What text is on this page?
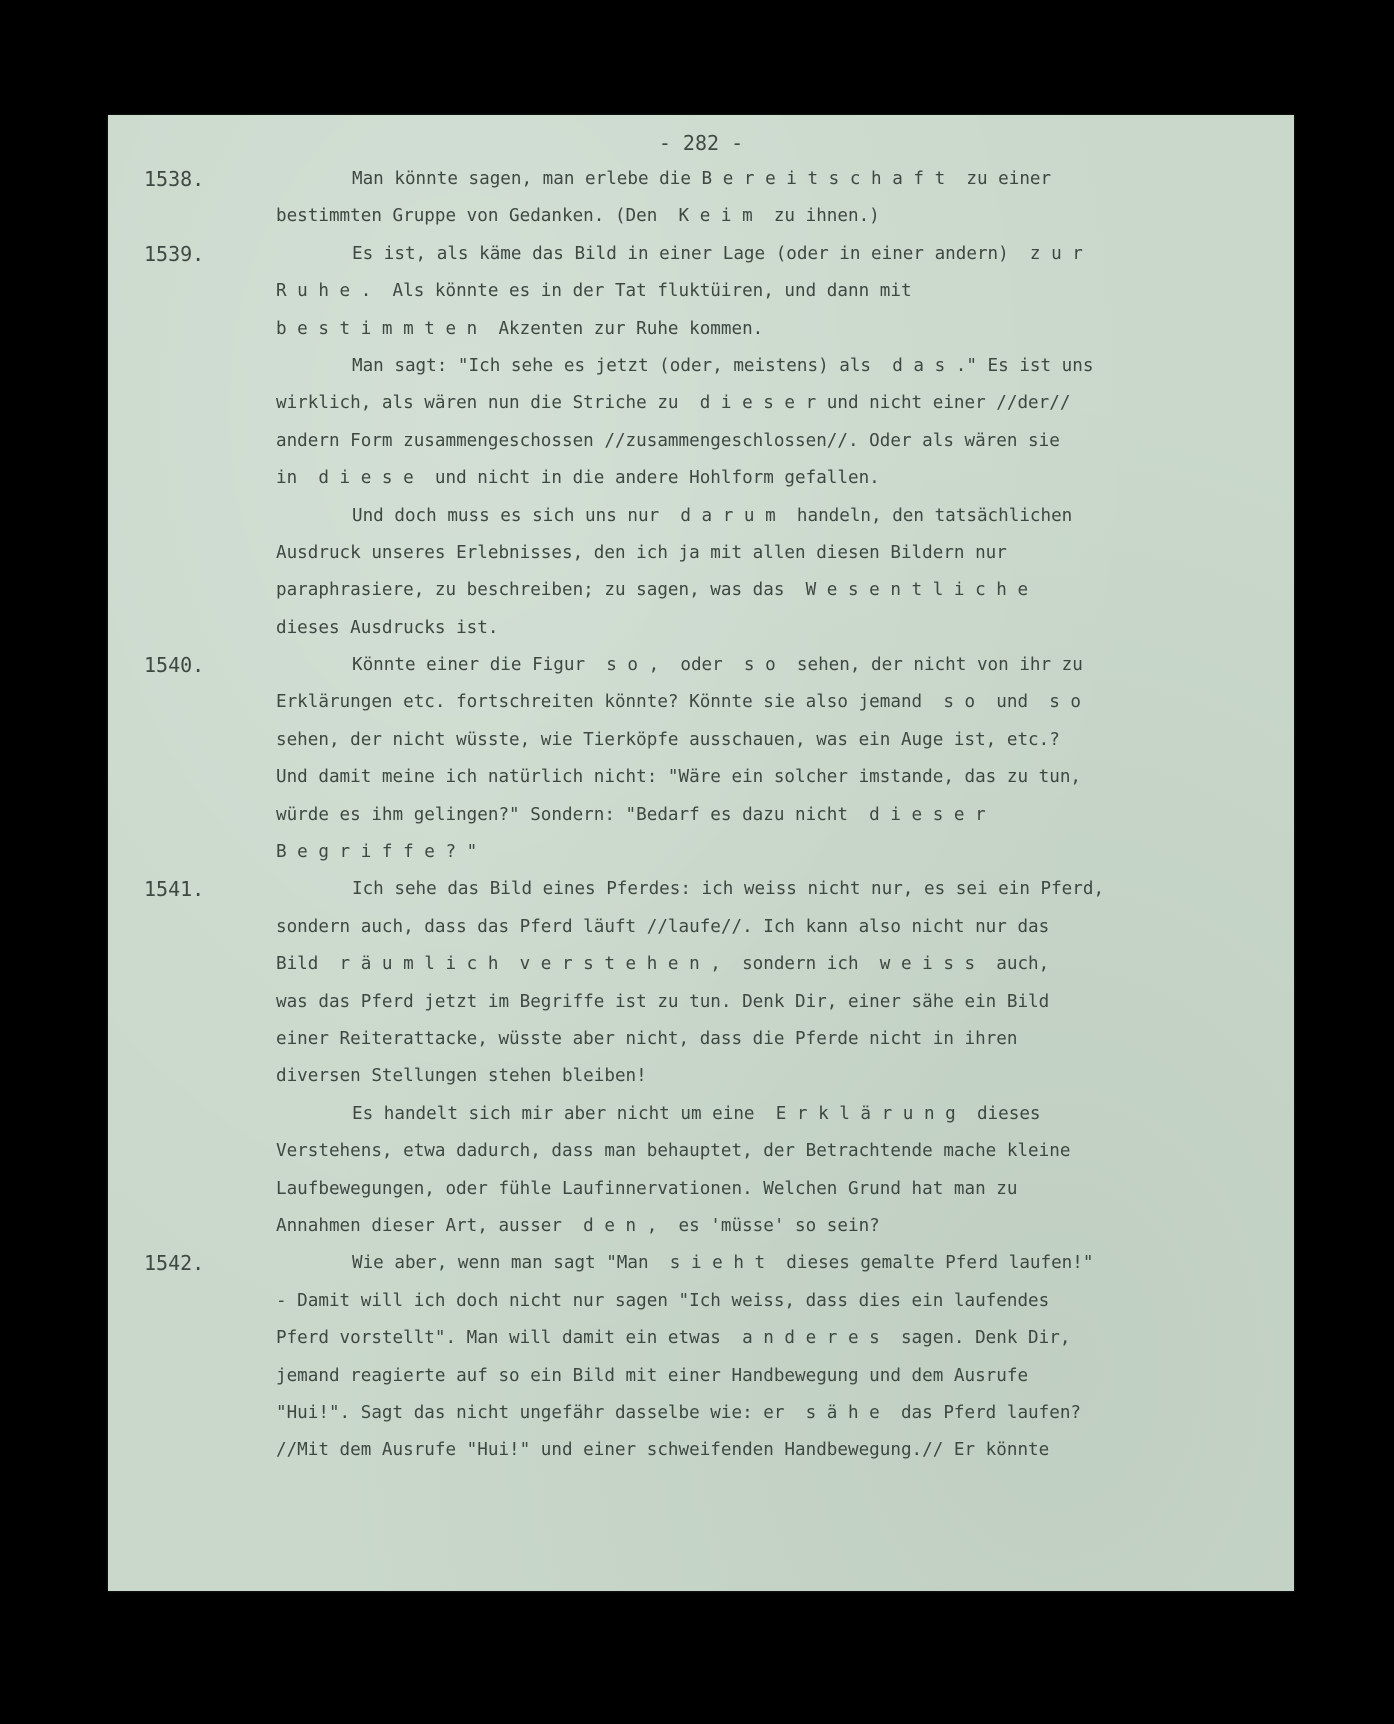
- 282 -
1538.	Man könnte sagen, man erlebe die B e r e i t s c h a f t  zu einer
bestimmten Gruppe von Gedanken. (Den  K e i m  zu ihnen.)
1539.	Es ist, als käme das Bild in einer Lage (oder in einer andern)  z u r
R u h e .  Als könnte es in der Tat fluktüiren, und dann mit
b e s t i m m t e n  Akzenten zur Ruhe kommen.
Man sagt: "Ich sehe es jetzt (oder, meistens) als  d a s ." Es ist uns
wirklich, als wären nun die Striche zu  d i e s e r und nicht einer //der//
andern Form zusammengeschossen //zusammengeschlossen//. Oder als wären sie
in  d i e s e  und nicht in die andere Hohlform gefallen.
Und doch muss es sich uns nur  d a r u m  handeln, den tatsächlichen
Ausdruck unseres Erlebnisses, den ich ja mit allen diesen Bildern nur
paraphrasiere, zu beschreiben; zu sagen, was das  W e s e n t l i c h e
dieses Ausdrucks ist.
1540.	Könnte einer die Figur  s o ,  oder  s o  sehen, der nicht von ihr zu
Erklärungen etc. fortschreiten könnte? Könnte sie also jemand  s o  und  s o
sehen, der nicht wüsste, wie Tierköpfe ausschauen, was ein Auge ist, etc.?
Und damit meine ich natürlich nicht: "Wäre ein solcher imstande, das zu tun,
würde es ihm gelingen?" Sondern: "Bedarf es dazu nicht  d i e s e r
B e g r i f f e ? "
1541.	Ich sehe das Bild eines Pferdes: ich weiss nicht nur, es sei ein Pferd,
sondern auch, dass das Pferd läuft //laufe//. Ich kann also nicht nur das
Bild  r ä u m l i c h  v e r s t e h e n ,  sondern ich  w e i s s  auch,
was das Pferd jetzt im Begriffe ist zu tun. Denk Dir, einer sähe ein Bild
einer Reiterattacke, wüsste aber nicht, dass die Pferde nicht in ihren
diversen Stellungen stehen bleiben!
Es handelt sich mir aber nicht um eine  E r k l ä r u n g  dieses
Verstehens, etwa dadurch, dass man behauptet, der Betrachtende mache kleine
Laufbewegungen, oder fühle Laufinnervationen. Welchen Grund hat man zu
Annahmen dieser Art, ausser  d e n ,  es 'müsse' so sein?
1542.	Wie aber, wenn man sagt "Man  s i e h t  dieses gemalte Pferd laufen!"
- Damit will ich doch nicht nur sagen "Ich weiss, dass dies ein laufendes
Pferd vorstellt". Man will damit ein etwas  a n d e r e s  sagen. Denk Dir,
jemand reagierte auf so ein Bild mit einer Handbewegung und dem Ausrufe
"Hui!". Sagt das nicht ungefähr dasselbe wie: er  s ä h e  das Pferd laufen?
//Mit dem Ausrufe "Hui!" und einer schweifenden Handbewegung.// Er könnte
